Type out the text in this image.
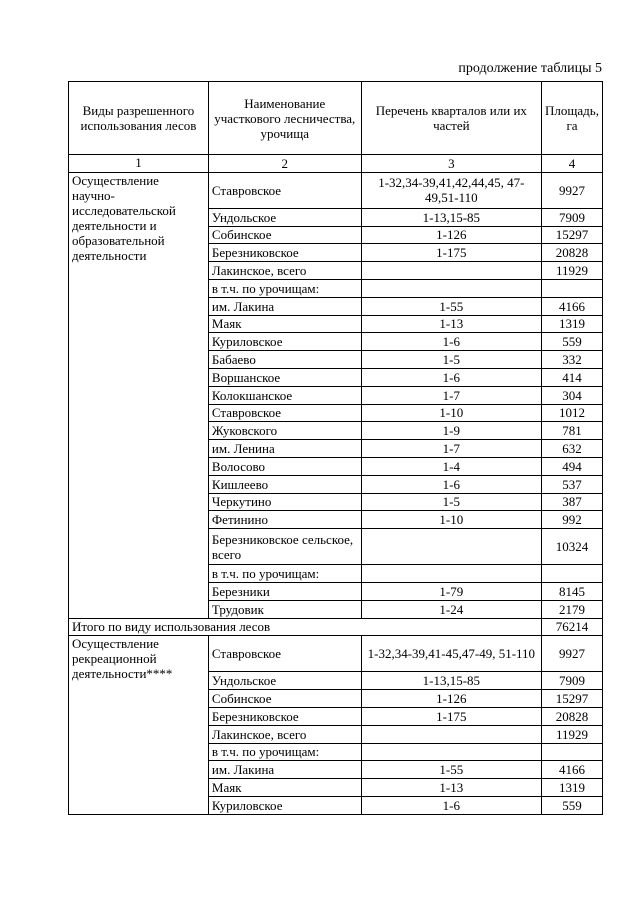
продолжение таблицы 5
Виды разрешенного использования лесов	Наименование участкового лесничества, урочища	Перечень кварталов или их частей	Площадь, га
1	2	3	4
Осуществление научно-исследовательской деятельности и образовательной деятельности	Ставровское	1-32,34-39,41,42,44,45, 47-49,51-110	9927
	Ундольское	1-13,15-85	7909
	Собинское	1-126	15297
	Березниковское	1-175	20828
	Лакинское, всего		11929
	в т.ч. по урочищам:		
	им. Лакина	1-55	4166
	Маяк	1-13	1319
	Куриловское	1-6	559
	Бабаево	1-5	332
	Воршанское	1-6	414
	Колокшанское	1-7	304
	Ставровское	1-10	1012
	Жуковского	1-9	781
	им. Ленина	1-7	632
	Волосово	1-4	494
	Кишлеево	1-6	537
	Черкутино	1-5	387
	Фетинино	1-10	992
	Березниковское сельское, всего		10324
	в т.ч. по урочищам:		
	Березники	1-79	8145
	Трудовик	1-24	2179
Итого по виду использования лесов			76214
Осуществление рекреационной деятельности****	Ставровское	1-32,34-39,41-45,47-49, 51-110	9927
	Ундольское	1-13,15-85	7909
	Собинское	1-126	15297
	Березниковское	1-175	20828
	Лакинское, всего		11929
	в т.ч. по урочищам:		
	им. Лакина	1-55	4166
	Маяк	1-13	1319
	Куриловское	1-6	559
